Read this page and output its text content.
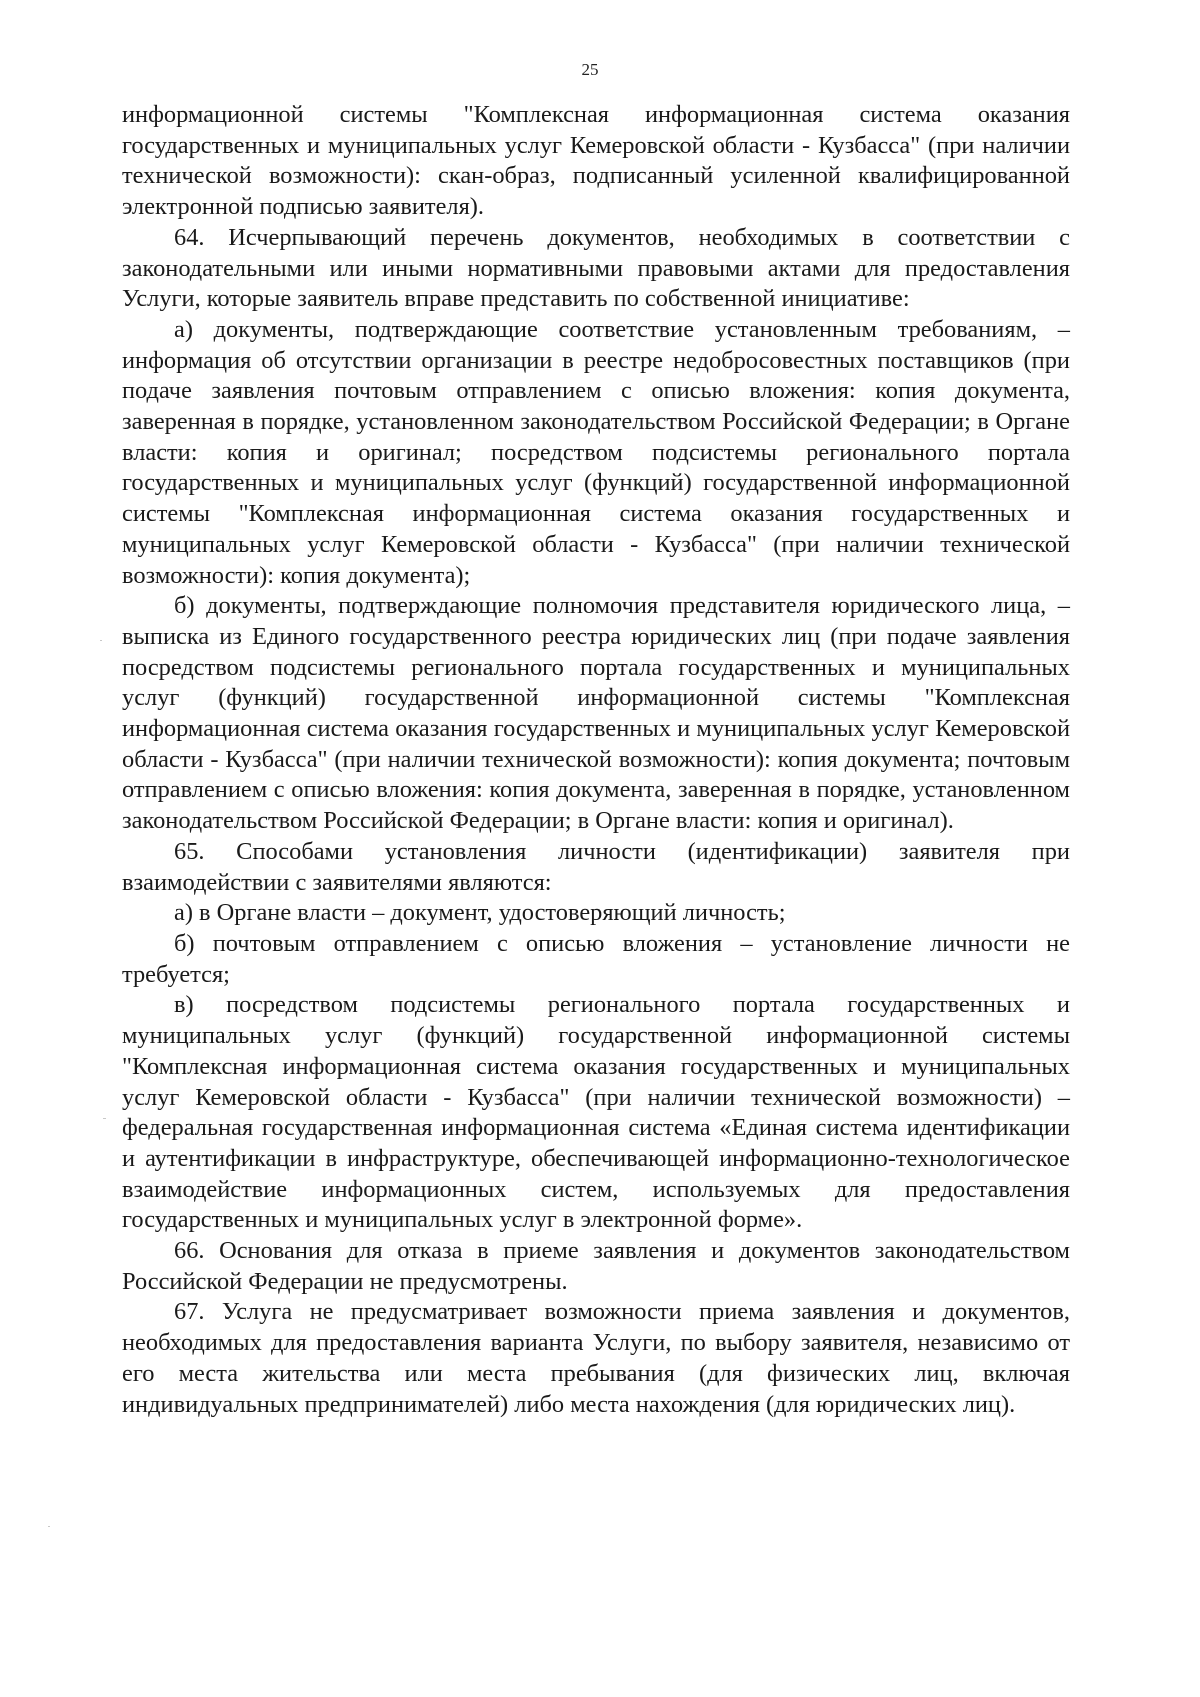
25

информационной системы "Комплексная информационная система оказания государственных и муниципальных услуг Кемеровской области - Кузбасса" (при наличии технической возможности): скан-образ, подписанный усиленной квалифицированной электронной подписью заявителя).

64. Исчерпывающий перечень документов, необходимых в соответствии с законодательными или иными нормативными правовыми актами для предоставления Услуги, которые заявитель вправе представить по собственной инициативе:

а) документы, подтверждающие соответствие установленным требованиям, – информация об отсутствии организации в реестре недобросовестных поставщиков (при подаче заявления почтовым отправлением с описью вложения: копия документа, заверенная в порядке, установленном законодательством Российской Федерации; в Органе власти: копия и оригинал; посредством подсистемы регионального портала государственных и муниципальных услуг (функций) государственной информационной системы "Комплексная информационная система оказания государственных и муниципальных услуг Кемеровской области - Кузбасса" (при наличии технической возможности): копия документа);

б) документы, подтверждающие полномочия представителя юридического лица, – выписка из Единого государственного реестра юридических лиц (при подаче заявления посредством подсистемы регионального портала государственных и муниципальных услуг (функций) государственной информационной системы "Комплексная информационная система оказания государственных и муниципальных услуг Кемеровской области - Кузбасса" (при наличии технической возможности): копия документа; почтовым отправлением с описью вложения: копия документа, заверенная в порядке, установленном законодательством Российской Федерации; в Органе власти: копия и оригинал).

65. Способами установления личности (идентификации) заявителя при взаимодействии с заявителями являются:

а) в Органе власти – документ, удостоверяющий личность;

б) почтовым отправлением с описью вложения – установление личности не требуется;

в) посредством подсистемы регионального портала государственных и муниципальных услуг (функций) государственной информационной системы "Комплексная информационная система оказания государственных и муниципальных услуг Кемеровской области - Кузбасса" (при наличии технической возможности) – федеральная государственная информационная система «Единая система идентификации и аутентификации в инфраструктуре, обеспечивающей информационно-технологическое взаимодействие информационных систем, используемых для предоставления государственных и муниципальных услуг в электронной форме».

66. Основания для отказа в приеме заявления и документов законодательством Российской Федерации не предусмотрены.

67. Услуга не предусматривает возможности приема заявления и документов, необходимых для предоставления варианта Услуги, по выбору заявителя, независимо от его места жительства или места пребывания (для физических лиц, включая индивидуальных предпринимателей) либо места нахождения (для юридических лиц).
